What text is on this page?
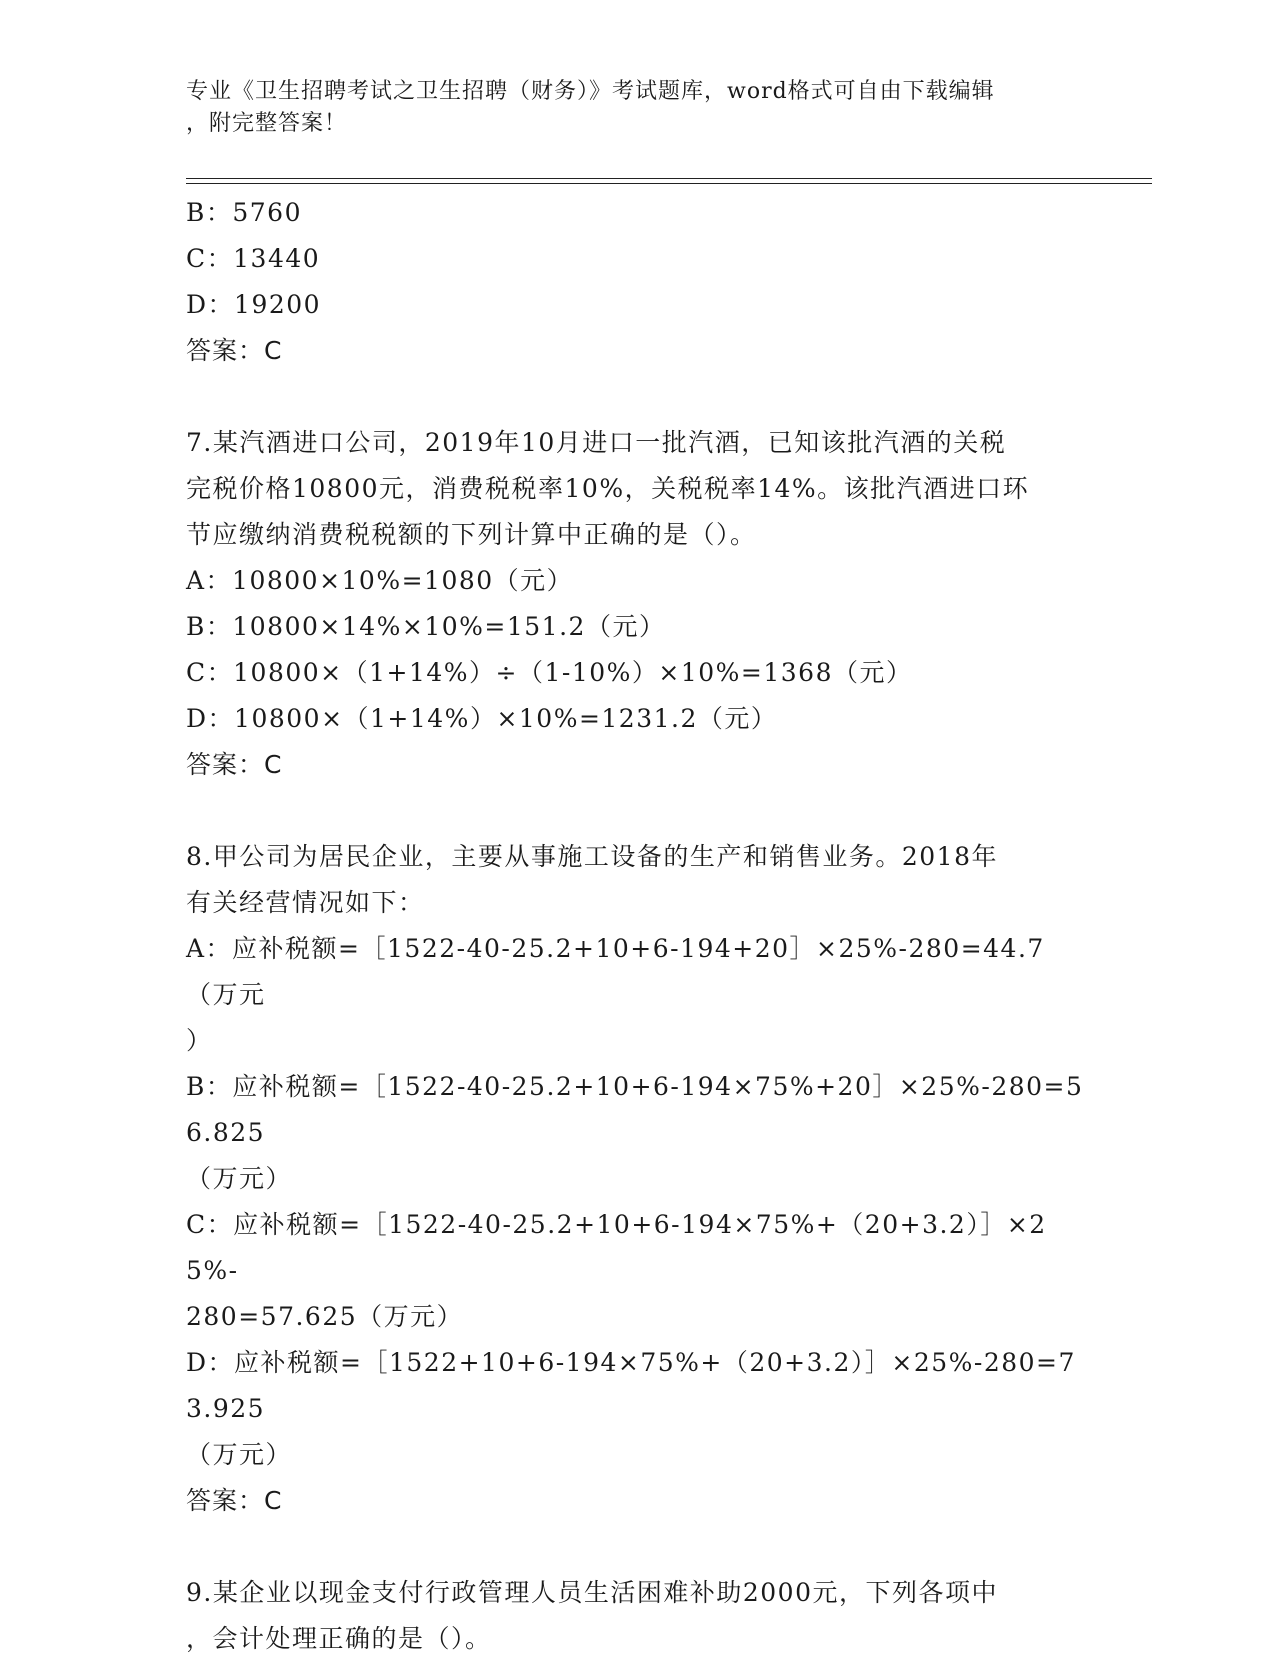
专业《卫生招聘考试之卫生招聘（财务）》考试题库，word格式可自由下载编辑
，附完整答案！
B：5760
C：13440
D：19200
答案：C
7.某汽酒进口公司，2019年10月进口一批汽酒，已知该批汽酒的关税
完税价格10800元，消费税税率10%，关税税率14%。该批汽酒进口环
节应缴纳消费税税额的下列计算中正确的是（）。
A：10800×10%=1080（元）
B：10800×14%×10%=151.2（元）
C：10800×（1+14%）÷（1-10%）×10%=1368（元）
D：10800×（1+14%）×10%=1231.2（元）
答案：C
8.甲公司为居民企业，主要从事施工设备的生产和销售业务。2018年
有关经营情况如下：
A：应补税额=［1522-40-25.2+10+6-194+20］×25%-280=44.7（万元
）
B：应补税额=［1522-40-25.2+10+6-194×75%+20］×25%-280=56.825
（万元）
C：应补税额=［1522-40-25.2+10+6-194×75%+（20+3.2）］×25%-
280=57.625（万元）
D：应补税额=［1522+10+6-194×75%+（20+3.2）］×25%-280=73.925
（万元）
答案：C
9.某企业以现金支付行政管理人员生活困难补助2000元，下列各项中
，会计处理正确的是（）。
